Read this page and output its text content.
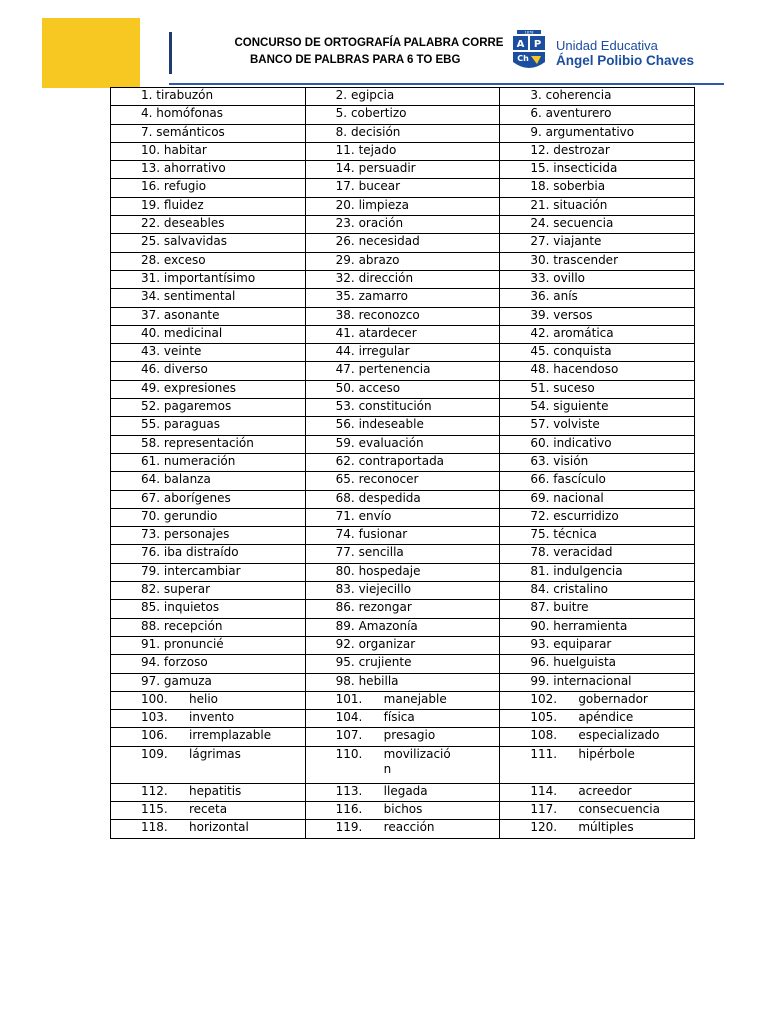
CONCURSO DE ORTOGRAFÍA PALABRA CORRE

BANCO DE PALBRAS PARA 6 TO EBG
1878
A P
Ch
Unidad Educativa
Ángel Polibio Chaves
1. tirabuzón	2. egipcia	3. coherencia
4. homófonas	5. cobertizo	6. aventurero
7. semánticos	8. decisión	9. argumentativo
10. habitar	11. tejado	12. destrozar
13. ahorrativo	14. persuadir	15. insecticida
16. refugio	17. bucear	18. soberbia
19. fluidez	20. limpieza	21. situación
22. deseables	23. oración	24. secuencia
25. salvavidas	26. necesidad	27. viajante
28. exceso	29. abrazo	30. trascender
31. importantísimo	32. dirección	33. ovillo
34. sentimental	35. zamarro	36. anís
37. asonante	38. reconozco	39. versos
40. medicinal	41. atardecer	42. aromática
43. veinte	44. irregular	45. conquista
46. diverso	47. pertenencia	48. hacendoso
49. expresiones	50. acceso	51. suceso
52. pagaremos	53. constitución	54. siguiente
55. paraguas	56. indeseable	57. volviste
58. representación	59. evaluación	60. indicativo
61. numeración	62. contraportada	63. visión
64. balanza	65. reconocer	66. fascículo
67. aborígenes	68. despedida	69. nacional
70. gerundio	71. envío	72. escurridizo
73. personajes	74. fusionar	75. técnica
76. iba distraído	77. sencilla	78. veracidad
79. intercambiar	80. hospedaje	81. indulgencia
82. superar	83. viejecillo	84. cristalino
85. inquietos	86. rezongar	87. buitre
88. recepción	89. Amazonía	90. herramienta
91. pronuncié	92. organizar	93. equiparar
94. forzoso	95. crujiente	96. huelguista
97. gamuza	98. hebilla	99. internacional
100. helio	101. manejable	102. gobernador
103. invento	104. física	105. apéndice
106. irremplazable	107. presagio	108. especializado
109. lágrimas	110. movilizació n	111. hipérbole
112. hepatitis	113. llegada	114. acreedor
115. receta	116. bichos	117. consecuencia
118. horizontal	119. reacción	120. múltiples
